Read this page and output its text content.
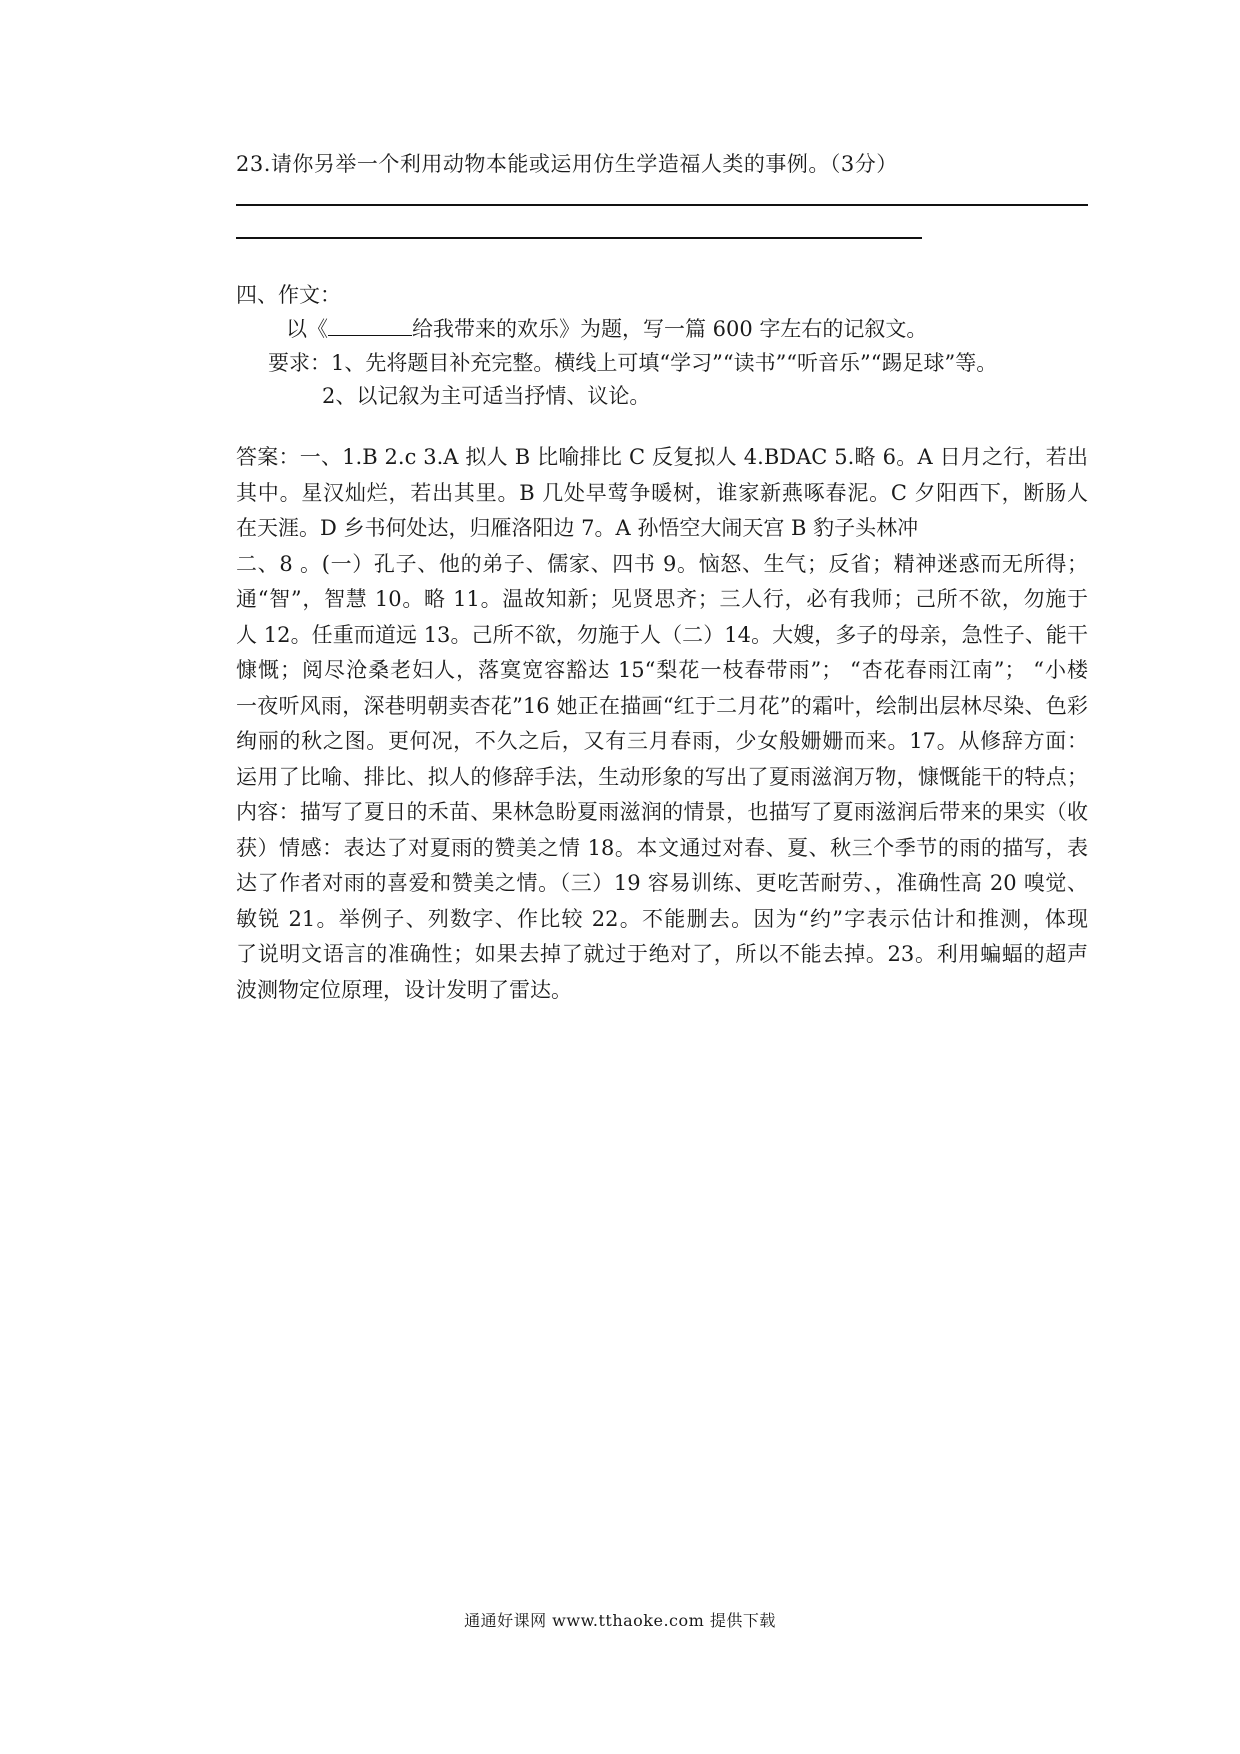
23.请你另举一个利用动物本能或运用仿生学造福人类的事例。（3分）
四、作文：
以《	给我带来的欢乐》为题，写一篇 600 字左右的记叙文。
要求：1、先将题目补充完整。横线上可填“学习”“读书”“听音乐”“踢足球”等。
2、以记叙为主可适当抒情、议论。

答案：一、1.B 2.c 3.A 拟人 B 比喻排比 C 反复拟人 4.BDAC 5.略 6。A 日月之行，若出

其中。星汉灿烂，若出其里。B 几处早莺争暖树，谁家新燕啄春泥。C 夕阳西下，断肠人

在天涯。D 乡书何处达，归雁洛阳边 7。A 孙悟空大闹天宫 B 豹子头林冲

二、8 。(一）孔子、他的弟子、儒家、四书 9。恼怒、生气；反省；精神迷惑而无所得；

通“智”，智慧 10。略 11。温故知新；见贤思齐；三人行，必有我师；己所不欲，勿施于

人 12。任重而道远 13。己所不欲，勿施于人（二）14。大嫂，多子的母亲，急性子、能干

慷慨；阅尽沧桑老妇人，落寞宽容豁达 15“梨花一枝春带雨”； “杏花春雨江南”； “小楼

一夜听风雨，深巷明朝卖杏花”16 她正在描画“红于二月花”的霜叶，绘制出层林尽染、色彩

绚丽的秋之图。更何况，不久之后，又有三月春雨，少女般姗姗而来。17。从修辞方面：

运用了比喻、排比、拟人的修辞手法，生动形象的写出了夏雨滋润万物，慷慨能干的特点；

内容：描写了夏日的禾苗、果林急盼夏雨滋润的情景，也描写了夏雨滋润后带来的果实（收

获）情感：表达了对夏雨的赞美之情 18。本文通过对春、夏、秋三个季节的雨的描写，表

达了作者对雨的喜爱和赞美之情。（三）19 容易训练、更吃苦耐劳、，准确性高 20 嗅觉、

敏锐 21。举例子、列数字、作比较 22。不能删去。因为“约”字表示估计和推测，体现

了说明文语言的准确性；如果去掉了就过于绝对了，所以不能去掉。23。利用蝙蝠的超声

波测物定位原理，设计发明了雷达。

通通好课网 www.tthaoke.com 提供下载
